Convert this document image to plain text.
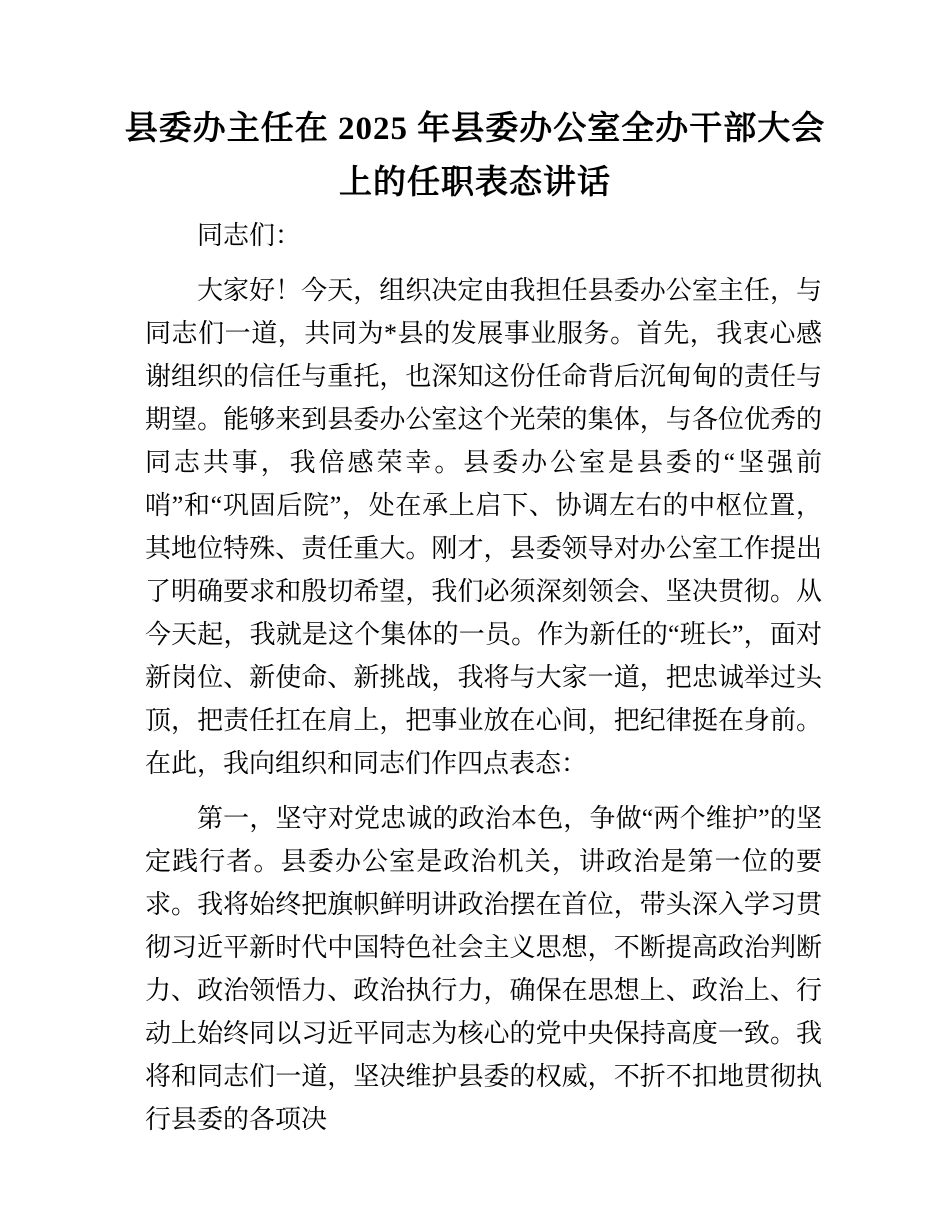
县委办主任在 2025 年县委办公室全办干部大会
上的任职表态讲话

同志们：

大家好！今天，组织决定由我担任县委办公室主任，与同志们一道，共同为*县的发展事业服务。首先，我衷心感谢组织的信任与重托，也深知这份任命背后沉甸甸的责任与期望。能够来到县委办公室这个光荣的集体，与各位优秀的同志共事，我倍感荣幸。县委办公室是县委的“坚强前哨”和“巩固后院”，处在承上启下、协调左右的中枢位置，其地位特殊、责任重大。刚才，县委领导对办公室工作提出了明确要求和殷切希望，我们必须深刻领会、坚决贯彻。从今天起，我就是这个集体的一员。作为新任的“班长”，面对新岗位、新使命、新挑战，我将与大家一道，把忠诚举过头顶，把责任扛在肩上，把事业放在心间，把纪律挺在身前。在此，我向组织和同志们作四点表态：

第一，坚守对党忠诚的政治本色，争做“两个维护”的坚定践行者。县委办公室是政治机关，讲政治是第一位的要求。我将始终把旗帜鲜明讲政治摆在首位，带头深入学习贯彻习近平新时代中国特色社会主义思想，不断提高政治判断力、政治领悟力、政治执行力，确保在思想上、政治上、行动上始终同以习近平同志为核心的党中央保持高度一致。我将和同志们一道，坚决维护县委的权威，不折不扣地贯彻执行县委的各项决
